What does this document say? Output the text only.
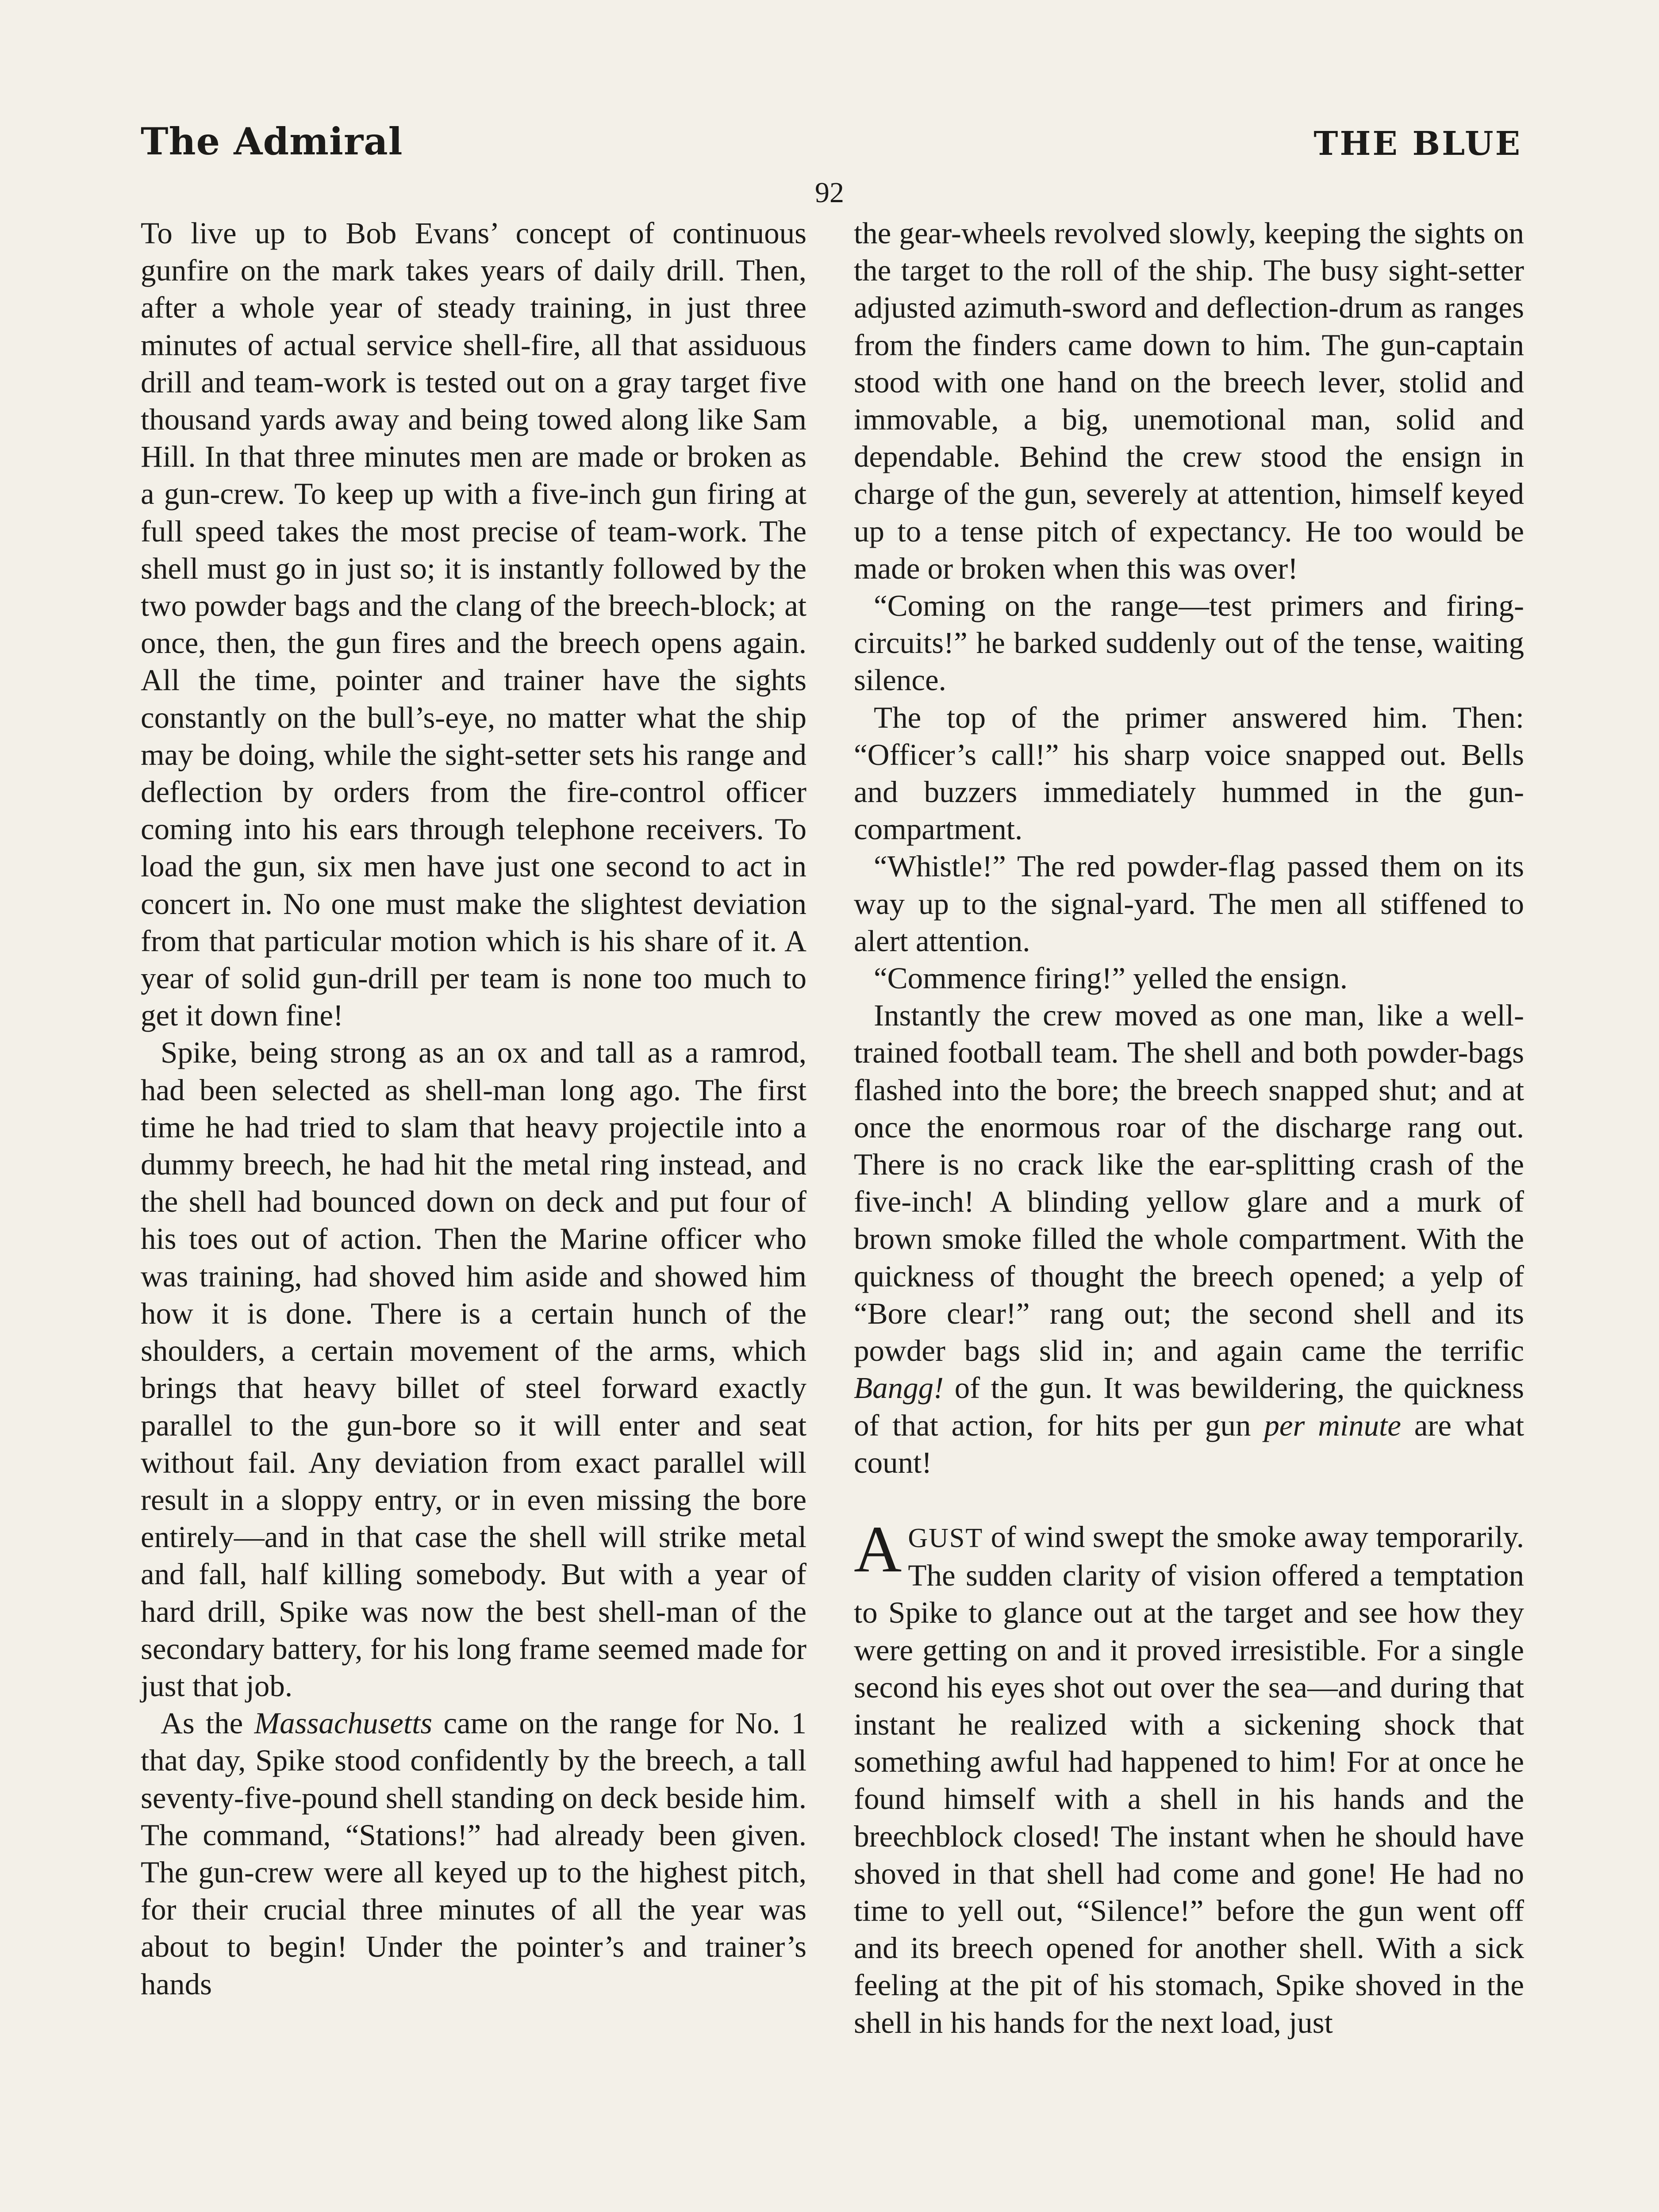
The Admiral	THE BLUE
92

To live up to Bob Evans’ concept of continuous gunfire on the mark takes years of daily drill. Then, after a whole year of steady training, in just three minutes of actual service shell-fire, all that assiduous drill and team-work is tested out on a gray target five thousand yards away and being towed along like Sam Hill. In that three minutes men are made or broken as a gun-crew. To keep up with a five-inch gun firing at full speed takes the most precise of team-work. The shell must go in just so; it is instantly followed by the two powder bags and the clang of the breech-block; at once, then, the gun fires and the breech opens again. All the time, pointer and trainer have the sights constantly on the bull’s-eye, no matter what the ship may be doing, while the sight-setter sets his range and deflection by orders from the fire-control officer coming into his ears through telephone receivers. To load the gun, six men have just one second to act in concert in. No one must make the slightest deviation from that particular motion which is his share of it. A year of solid gun-drill per team is none too much to get it down fine!

Spike, being strong as an ox and tall as a ramrod, had been selected as shell-man long ago. The first time he had tried to slam that heavy projectile into a dummy breech, he had hit the metal ring instead, and the shell had bounced down on deck and put four of his toes out of action. Then the Marine officer who was training, had shoved him aside and showed him how it is done. There is a certain hunch of the shoulders, a certain movement of the arms, which brings that heavy billet of steel forward exactly parallel to the gun-bore so it will enter and seat without fail. Any deviation from exact parallel will result in a sloppy entry, or in even missing the bore entirely—and in that case the shell will strike metal and fall, half killing somebody. But with a year of hard drill, Spike was now the best shell-man of the secondary battery, for his long frame seemed made for just that job.

As the Massachusetts came on the range for No. 1 that day, Spike stood confidently by the breech, a tall seventy-five-pound shell standing on deck beside him. The command, “Stations!” had already been given. The gun-crew were all keyed up to the highest pitch, for their crucial three minutes of all the year was about to begin! Under the pointer’s and trainer’s hands

the gear-wheels revolved slowly, keeping the sights on the target to the roll of the ship. The busy sight-setter adjusted azimuth-sword and deflection-drum as ranges from the finders came down to him. The gun-captain stood with one hand on the breech lever, stolid and immovable, a big, unemotional man, solid and dependable. Behind the crew stood the ensign in charge of the gun, severely at attention, himself keyed up to a tense pitch of expectancy. He too would be made or broken when this was over!

“Coming on the range—test primers and firing-circuits!” he barked suddenly out of the tense, waiting silence.

The top of the primer answered him. Then: “Officer’s call!” his sharp voice snapped out. Bells and buzzers immediately hummed in the gun-compartment.

“Whistle!” The red powder-flag passed them on its way up to the signal-yard. The men all stiffened to alert attention.

“Commence firing!” yelled the ensign.

Instantly the crew moved as one man, like a well-trained football team. The shell and both powder-bags flashed into the bore; the breech snapped shut; and at once the enormous roar of the discharge rang out. There is no crack like the ear-splitting crash of the five-inch! A blinding yellow glare and a murk of brown smoke filled the whole compartment. With the quickness of thought the breech opened; a yelp of “Bore clear!” rang out; the second shell and its powder bags slid in; and again came the terrific Bangg! of the gun. It was bewildering, the quickness of that action, for hits per gun per minute are what count!

AGUST of wind swept the smoke away temporarily. The sudden clarity of vision offered a temptation to Spike to glance out at the target and see how they were getting on and it proved irresistible. For a single second his eyes shot out over the sea—and during that instant he realized with a sickening shock that something awful had happened to him! For at once he found himself with a shell in his hands and the breechblock closed! The instant when he should have shoved in that shell had come and gone! He had no time to yell out, “Silence!” before the gun went off and its breech opened for another shell. With a sick feeling at the pit of his stomach, Spike shoved in the shell in his hands for the next load, just
